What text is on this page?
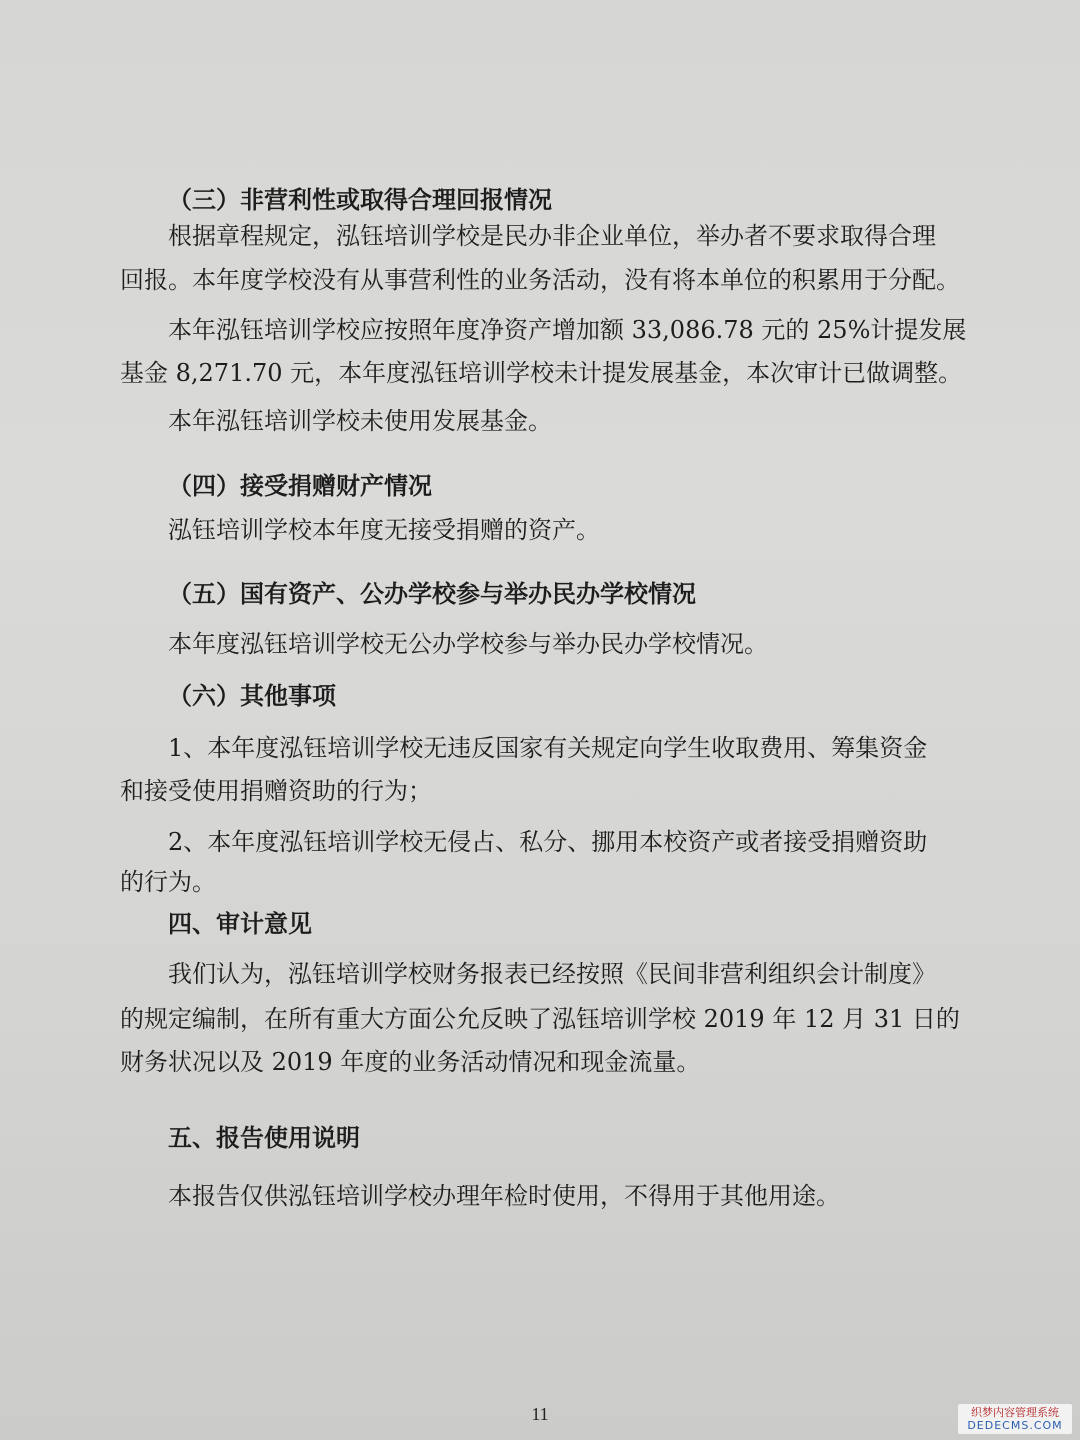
（三）非营利性或取得合理回报情况
根据章程规定，泓钰培训学校是民办非企业单位，举办者不要求取得合理
回报。本年度学校没有从事营利性的业务活动，没有将本单位的积累用于分配。
本年泓钰培训学校应按照年度净资产增加额 33,086.78 元的 25%计提发展
基金 8,271.70 元，本年度泓钰培训学校未计提发展基金，本次审计已做调整。
本年泓钰培训学校未使用发展基金。
（四）接受捐赠财产情况
泓钰培训学校本年度无接受捐赠的资产。
（五）国有资产、公办学校参与举办民办学校情况
本年度泓钰培训学校无公办学校参与举办民办学校情况。
（六）其他事项
1、本年度泓钰培训学校无违反国家有关规定向学生收取费用、筹集资金
和接受使用捐赠资助的行为；
2、本年度泓钰培训学校无侵占、私分、挪用本校资产或者接受捐赠资助
的行为。
四、审计意见
我们认为，泓钰培训学校财务报表已经按照《民间非营利组织会计制度》
的规定编制，在所有重大方面公允反映了泓钰培训学校 2019 年 12 月 31 日的
财务状况以及 2019 年度的业务活动情况和现金流量。
五、报告使用说明
本报告仅供泓钰培训学校办理年检时使用，不得用于其他用途。
11	织梦内容管理系统
DEDECMS.COM
